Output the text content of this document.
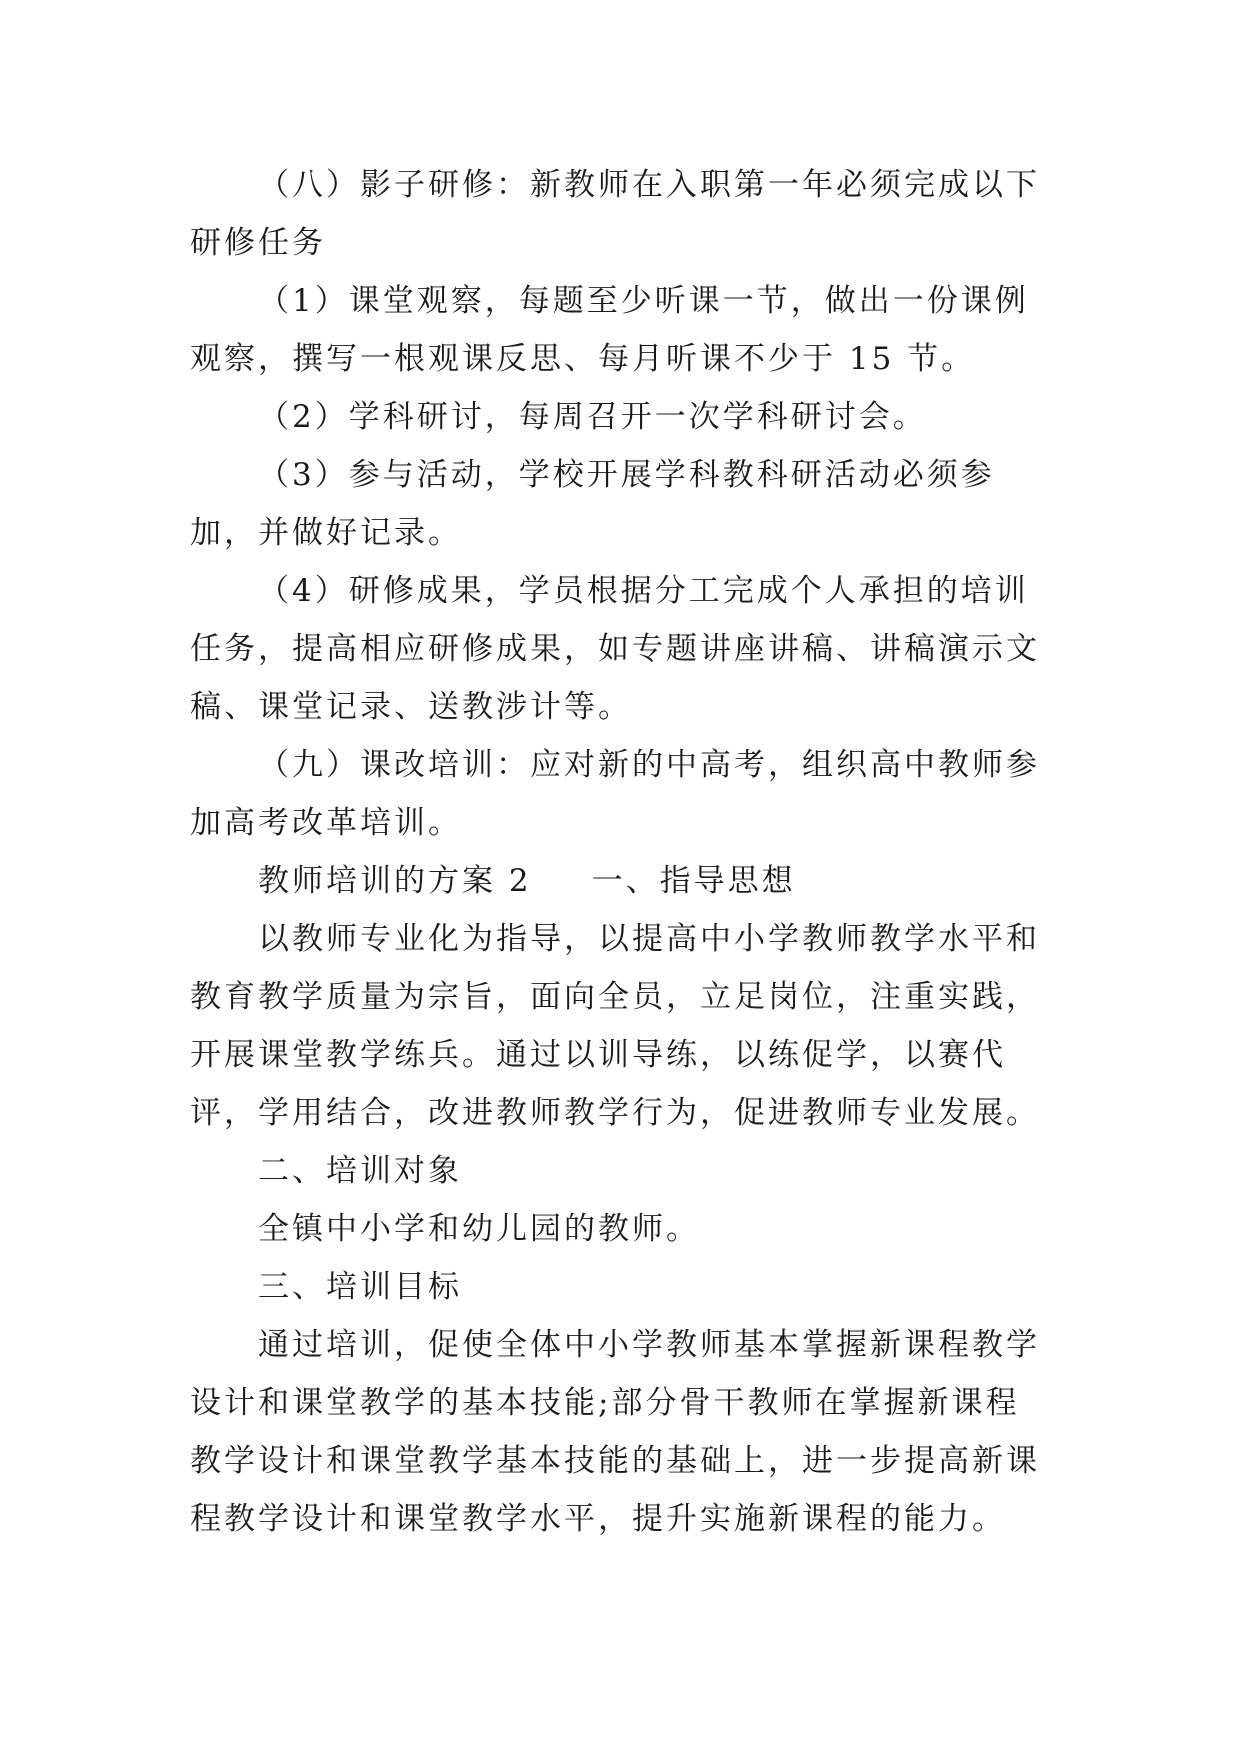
（八）影子研修：新教师在入职第一年必须完成以下研修任务

（1）课堂观察，每题至少听课一节，做出一份课例观察，撰写一根观课反思、每月听课不少于 15 节。

（2）学科研讨，每周召开一次学科研讨会。

（3）参与活动，学校开展学科教科研活动必须参加，并做好记录。

（4）研修成果，学员根据分工完成个人承担的培训任务，提高相应研修成果，如专题讲座讲稿、讲稿演示文稿、课堂记录、送教涉计等。

（九）课改培训：应对新的中高考，组织高中教师参加高考改革培训。

教师培训的方案 2 一、指导思想

以教师专业化为指导，以提高中小学教师教学水平和教育教学质量为宗旨，面向全员，立足岗位，注重实践，开展课堂教学练兵。通过以训导练，以练促学，以赛代评，学用结合，改进教师教学行为，促进教师专业发展。

二、培训对象

全镇中小学和幼儿园的教师。

三、培训目标

通过培训，促使全体中小学教师基本掌握新课程教学设计和课堂教学的基本技能;部分骨干教师在掌握新课程教学设计和课堂教学基本技能的基础上，进一步提高新课程教学设计和课堂教学水平，提升实施新课程的能力。
